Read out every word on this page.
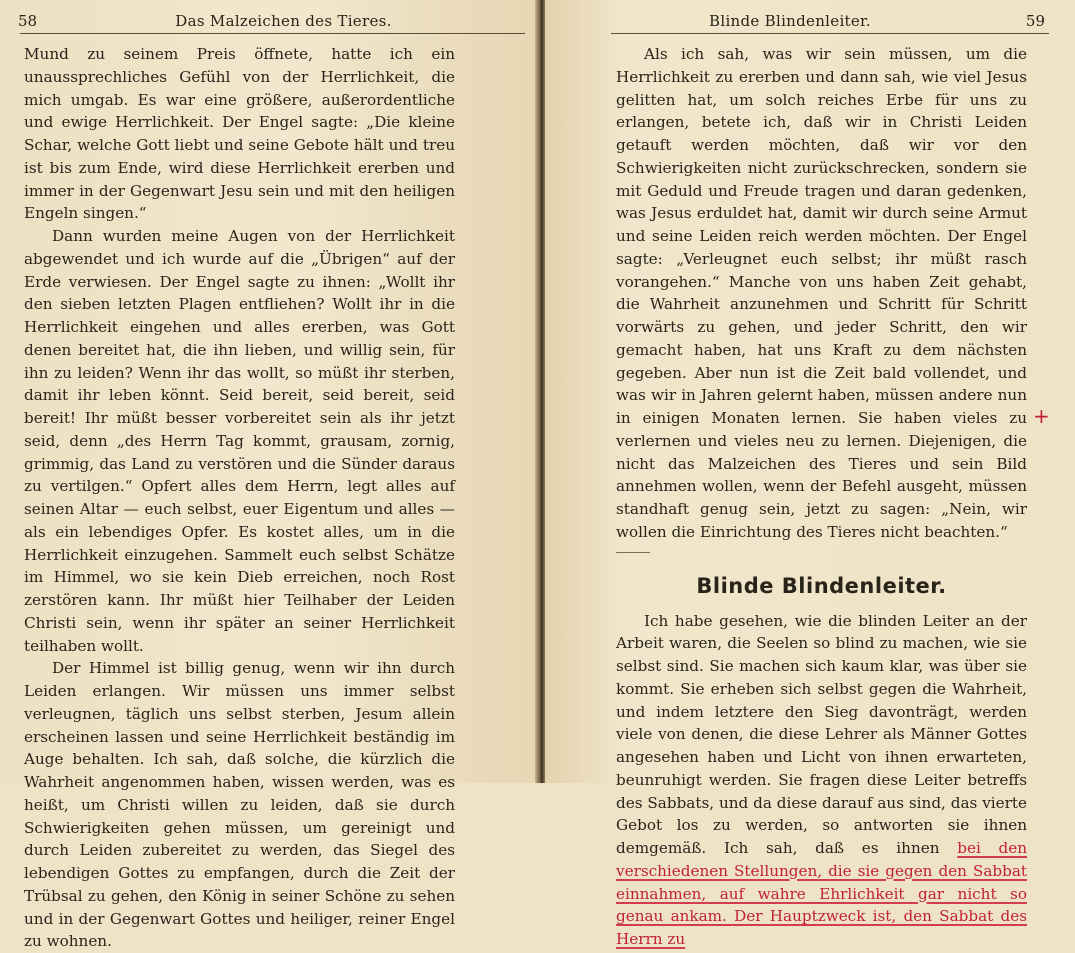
58	Das Malzeichen des Tieres.

Mund zu seinem Preis öffnete, hatte ich ein unaussprechliches Gefühl von der Herrlichkeit, die mich umgab. Es war eine größere, außerordentliche und ewige Herrlichkeit. Der Engel sagte: „Die kleine Schar, welche Gott liebt und seine Gebote hält und treu ist bis zum Ende, wird diese Herrlichkeit ererben und immer in der Gegenwart Jesu sein und mit den heiligen Engeln singen.“

Dann wurden meine Augen von der Herrlichkeit abgewendet und ich wurde auf die „Übrigen“ auf der Erde verwiesen. Der Engel sagte zu ihnen: „Wollt ihr den sieben letzten Plagen entfliehen? Wollt ihr in die Herrlichkeit eingehen und alles ererben, was Gott denen bereitet hat, die ihn lieben, und willig sein, für ihn zu leiden? Wenn ihr das wollt, so müßt ihr sterben, damit ihr leben könnt. Seid bereit, seid bereit, seid bereit! Ihr müßt besser vorbereitet sein als ihr jetzt seid, denn „des Herrn Tag kommt, grausam, zornig, grimmig, das Land zu verstören und die Sünder daraus zu vertilgen.“ Opfert alles dem Herrn, legt alles auf seinen Altar — euch selbst, euer Eigentum und alles — als ein lebendiges Opfer. Es kostet alles, um in die Herrlichkeit einzugehen. Sammelt euch selbst Schätze im Himmel, wo sie kein Dieb erreichen, noch Rost zerstören kann. Ihr müßt hier Teilhaber der Leiden Christi sein, wenn ihr später an seiner Herrlichkeit teilhaben wollt.

Der Himmel ist billig genug, wenn wir ihn durch Leiden erlangen. Wir müssen uns immer selbst verleugnen, täglich uns selbst sterben, Jesum allein erscheinen lassen und seine Herrlichkeit beständig im Auge behalten. Ich sah, daß solche, die kürzlich die Wahrheit angenommen haben, wissen werden, was es heißt, um Christi willen zu leiden, daß sie durch Schwierigkeiten gehen müssen, um gereinigt und durch Leiden zubereitet zu werden, das Siegel des lebendigen Gottes zu empfangen, durch die Zeit der Trübsal zu gehen, den König in seiner Schöne zu sehen und in der Gegenwart Gottes und heiliger, reiner Engel zu wohnen.

Blinde Blindenleiter.	59

Als ich sah, was wir sein müssen, um die Herrlichkeit zu ererben und dann sah, wie viel Jesus gelitten hat, um solch reiches Erbe für uns zu erlangen, betete ich, daß wir in Christi Leiden getauft werden möchten, daß wir vor den Schwierigkeiten nicht zurückschrecken, sondern sie mit Geduld und Freude tragen und daran gedenken, was Jesus erduldet hat, damit wir durch seine Armut und seine Leiden reich werden möchten. Der Engel sagte: „Verleugnet euch selbst; ihr müßt rasch vorangehen.“ Manche von uns haben Zeit gehabt, die Wahrheit anzunehmen und Schritt für Schritt vorwärts zu gehen, und jeder Schritt, den wir gemacht haben, hat uns Kraft zu dem nächsten gegeben. Aber nun ist die Zeit bald vollendet, und was wir in Jahren gelernt haben, müssen andere nun in einigen Monaten lernen. Sie haben vieles zu verlernen und vieles neu zu lernen. Diejenigen, die nicht das Malzeichen des Tieres und sein Bild annehmen wollen, wenn der Befehl ausgeht, müssen standhaft genug sein, jetzt zu sagen: „Nein, wir wollen die Einrichtung des Tieres nicht beachten.“

Blinde Blindenleiter.

Ich habe gesehen, wie die blinden Leiter an der Arbeit waren, die Seelen so blind zu machen, wie sie selbst sind. Sie machen sich kaum klar, was über sie kommt. Sie erheben sich selbst gegen die Wahrheit, und indem letztere den Sieg davonträgt, werden viele von denen, die diese Lehrer als Männer Gottes angesehen haben und Licht von ihnen erwarteten, beunruhigt werden. Sie fragen diese Leiter betreffs des Sabbats, und da diese darauf aus sind, das vierte Gebot los zu werden, so antworten sie ihnen demgemäß. Ich sah, daß es ihnen bei den verschiedenen Stellungen, die sie gegen den Sabbat einnahmen, auf wahre Ehrlichkeit gar nicht so genau ankam. Der Hauptzweck ist, den Sabbat des Herrn zu

+
